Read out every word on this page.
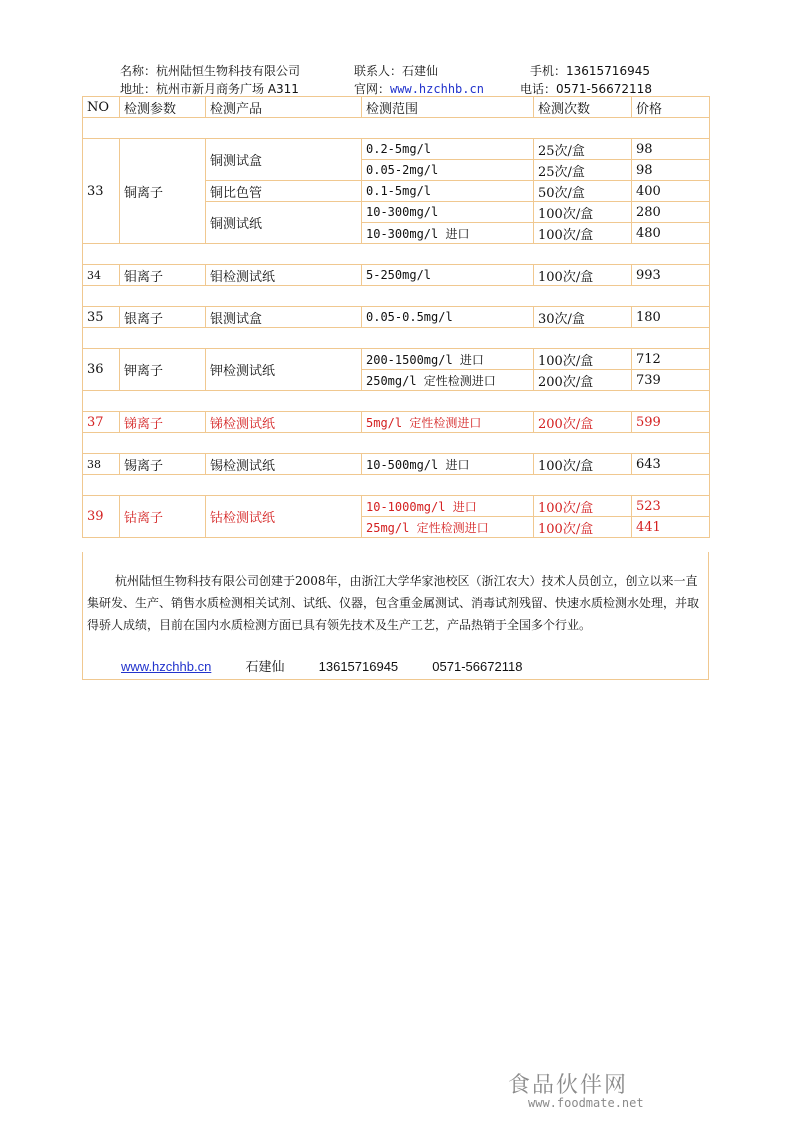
名称：杭州陆恒生物科技有限公司	联系人：石建仙	手机：13615716945
地址：杭州市新月商务广场 A311	官网：www.hzchhb.cn	电话：0571-56672118
NO	检测参数	检测产品	检测范围	检测次数	价格

33	铜离子	铜测试盒	0.2-5mg/l	25次/盒	98
			0.05-2mg/l	25次/盒	98
		铜比色管	0.1-5mg/l	50次/盒	400
		铜测试纸	10-300mg/l	100次/盒	280
			10-300mg/l 进口	100次/盒	480

34	钼离子	钼检测试纸	5-250mg/l	100次/盒	993

35	银离子	银测试盒	0.05-0.5mg/l	30次/盒	180

36	钾离子	钾检测试纸	200-1500mg/l 进口	100次/盒	712
			250mg/l 定性检测进口	200次/盒	739

37	锑离子	锑检测试纸	5mg/l 定性检测进口	200次/盒	599

38	锡离子	锡检测试纸	10-500mg/l 进口	100次/盒	643

39	钴离子	钴检测试纸	10-1000mg/l 进口	100次/盒	523
			25mg/l 定性检测进口	100次/盒	441
杭州陆恒生物科技有限公司创建于2008年，由浙江大学华家池校区（浙江农大）技术人员创立，创立以来一直集研发、生产、销售水质检测相关试剂、试纸、仪器，包含重金属测试、消毒试剂残留、快速水质检测水处理，并取得骄人成绩，目前在国内水质检测方面已具有领先技术及生产工艺，产品热销于全国多个行业。
www.hzchhb.cn	石建仙	13615716945	0571-56672118
食品伙伴网
www.foodmate.net
